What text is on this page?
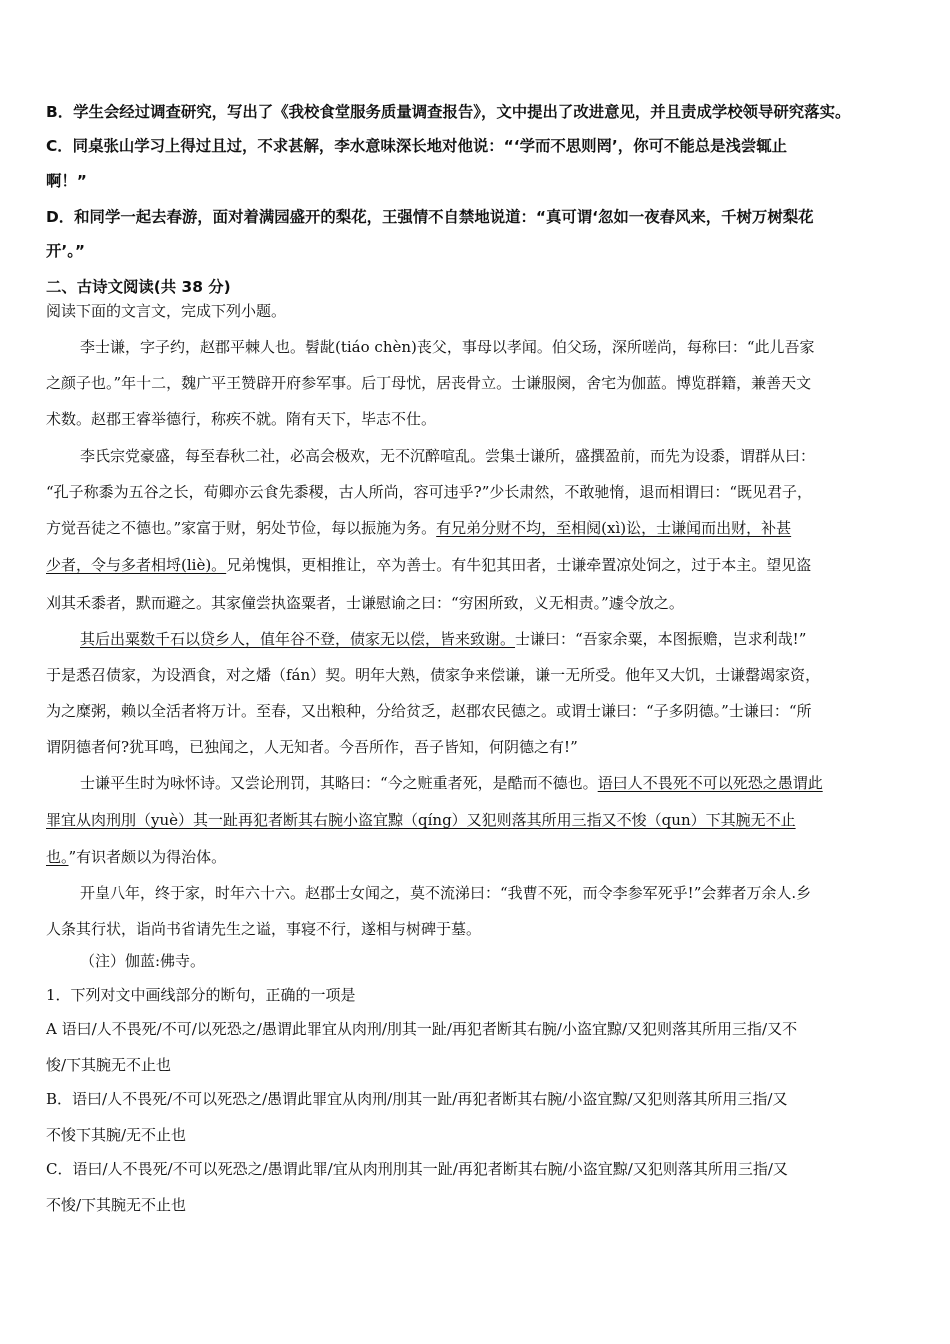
B．学生会经过调查研究，写出了《我校食堂服务质量调查报告》，文中提出了改进意见，并且责成学校领导研究落实。
C．同桌张山学习上得过且过，不求甚解，李水意味深长地对他说：“‘学而不思则罔’，你可不能总是浅尝辄止
啊！”
D．和同学一起去春游，面对着满园盛开的梨花，王强情不自禁地说道：“真可谓‘忽如一夜春风来，千树万树梨花
开’。”
二、古诗文阅读(共 38 分)
阅读下面的文言文，完成下列小题。
李士谦，字子约，赵郡平棘人也。髫龀(tiáo chèn)丧父，事母以孝闻。伯父玚，深所嗟尚，每称曰：“此儿吾家
之颜子也。”年十二，魏广平王赞辟开府参军事。后丁母忧，居丧骨立。士谦服阕，舍宅为伽蓝。博览群籍，兼善天文
术数。赵郡王睿举德行，称疾不就。隋有天下，毕志不仕。
李氏宗党豪盛，每至春秋二社，必高会极欢，无不沉醉喧乱。尝集士谦所，盛撰盈前，而先为设黍，谓群从曰：
“孔子称黍为五谷之长，荀卿亦云食先黍稷，古人所尚，容可违乎?”少长肃然，不敢驰惰，退而相谓曰：“既见君子，
方觉吾徒之不德也。”家富于财，躬处节俭，每以振施为务。有兄弟分财不均，至相阋(xì)讼，士谦闻而出财，补甚
少者，令与多者相埒(liè)。兄弟愧惧，更相推让，卒为善士。有牛犯其田者，士谦牵置凉处饲之，过于本主。望见盗
刈其禾黍者，默而避之。其家僮尝执盗粟者，士谦慰谕之曰：“穷困所致，义无相责。”遽令放之。
其后出粟数千石以贷乡人，值年谷不登，债家无以偿，皆来致谢。士谦曰：“吾家余粟，本图振赡，岂求利哉!”
于是悉召债家，为设酒食，对之燔（fán）契。明年大熟，债家争来偿谦，谦一无所受。他年又大饥，士谦罄竭家资，
为之糜粥，赖以全活者将万计。至春，又出粮种，分给贫乏，赵郡农民德之。或谓士谦曰：“子多阴德。”士谦曰：“所
谓阴德者何?犹耳鸣，已独闻之，人无知者。今吾所作，吾子皆知，何阴德之有!”
士谦平生时为咏怀诗。又尝论刑罚，其略曰：“今之赃重者死，是酷而不德也。语曰人不畏死不可以死恐之愚谓此
罪宜从肉刑刖（yuè）其一趾再犯者断其右腕小盗宜黥（qíng）又犯则落其所用三指又不悛（qun）下其腕无不止
也。”有识者颇以为得治体。
开皇八年，终于家，时年六十六。赵郡士女闻之，莫不流涕曰：“我曹不死，而令李参军死乎!”会葬者万余人.乡
人条其行状，诣尚书省请先生之谥，事寝不行，遂相与树碑于墓。
（注）伽蓝:佛寺。
1．下列对文中画线部分的断句，正确的一项是
A 语曰/人不畏死/不可/以死恐之/愚谓此罪宜从肉刑/刖其一趾/再犯者断其右腕/小盗宜黥/又犯则落其所用三指/又不
悛/下其腕无不止也
B．语曰/人不畏死/不可以死恐之/愚谓此罪宜从肉刑/刖其一趾/再犯者断其右腕/小盗宜黥/又犯则落其所用三指/又
不悛下其腕/无不止也
C．语曰/人不畏死/不可以死恐之/愚谓此罪/宜从肉刑刖其一趾/再犯者断其右腕/小盗宜黥/又犯则落其所用三指/又
不悛/下其腕无不止也
